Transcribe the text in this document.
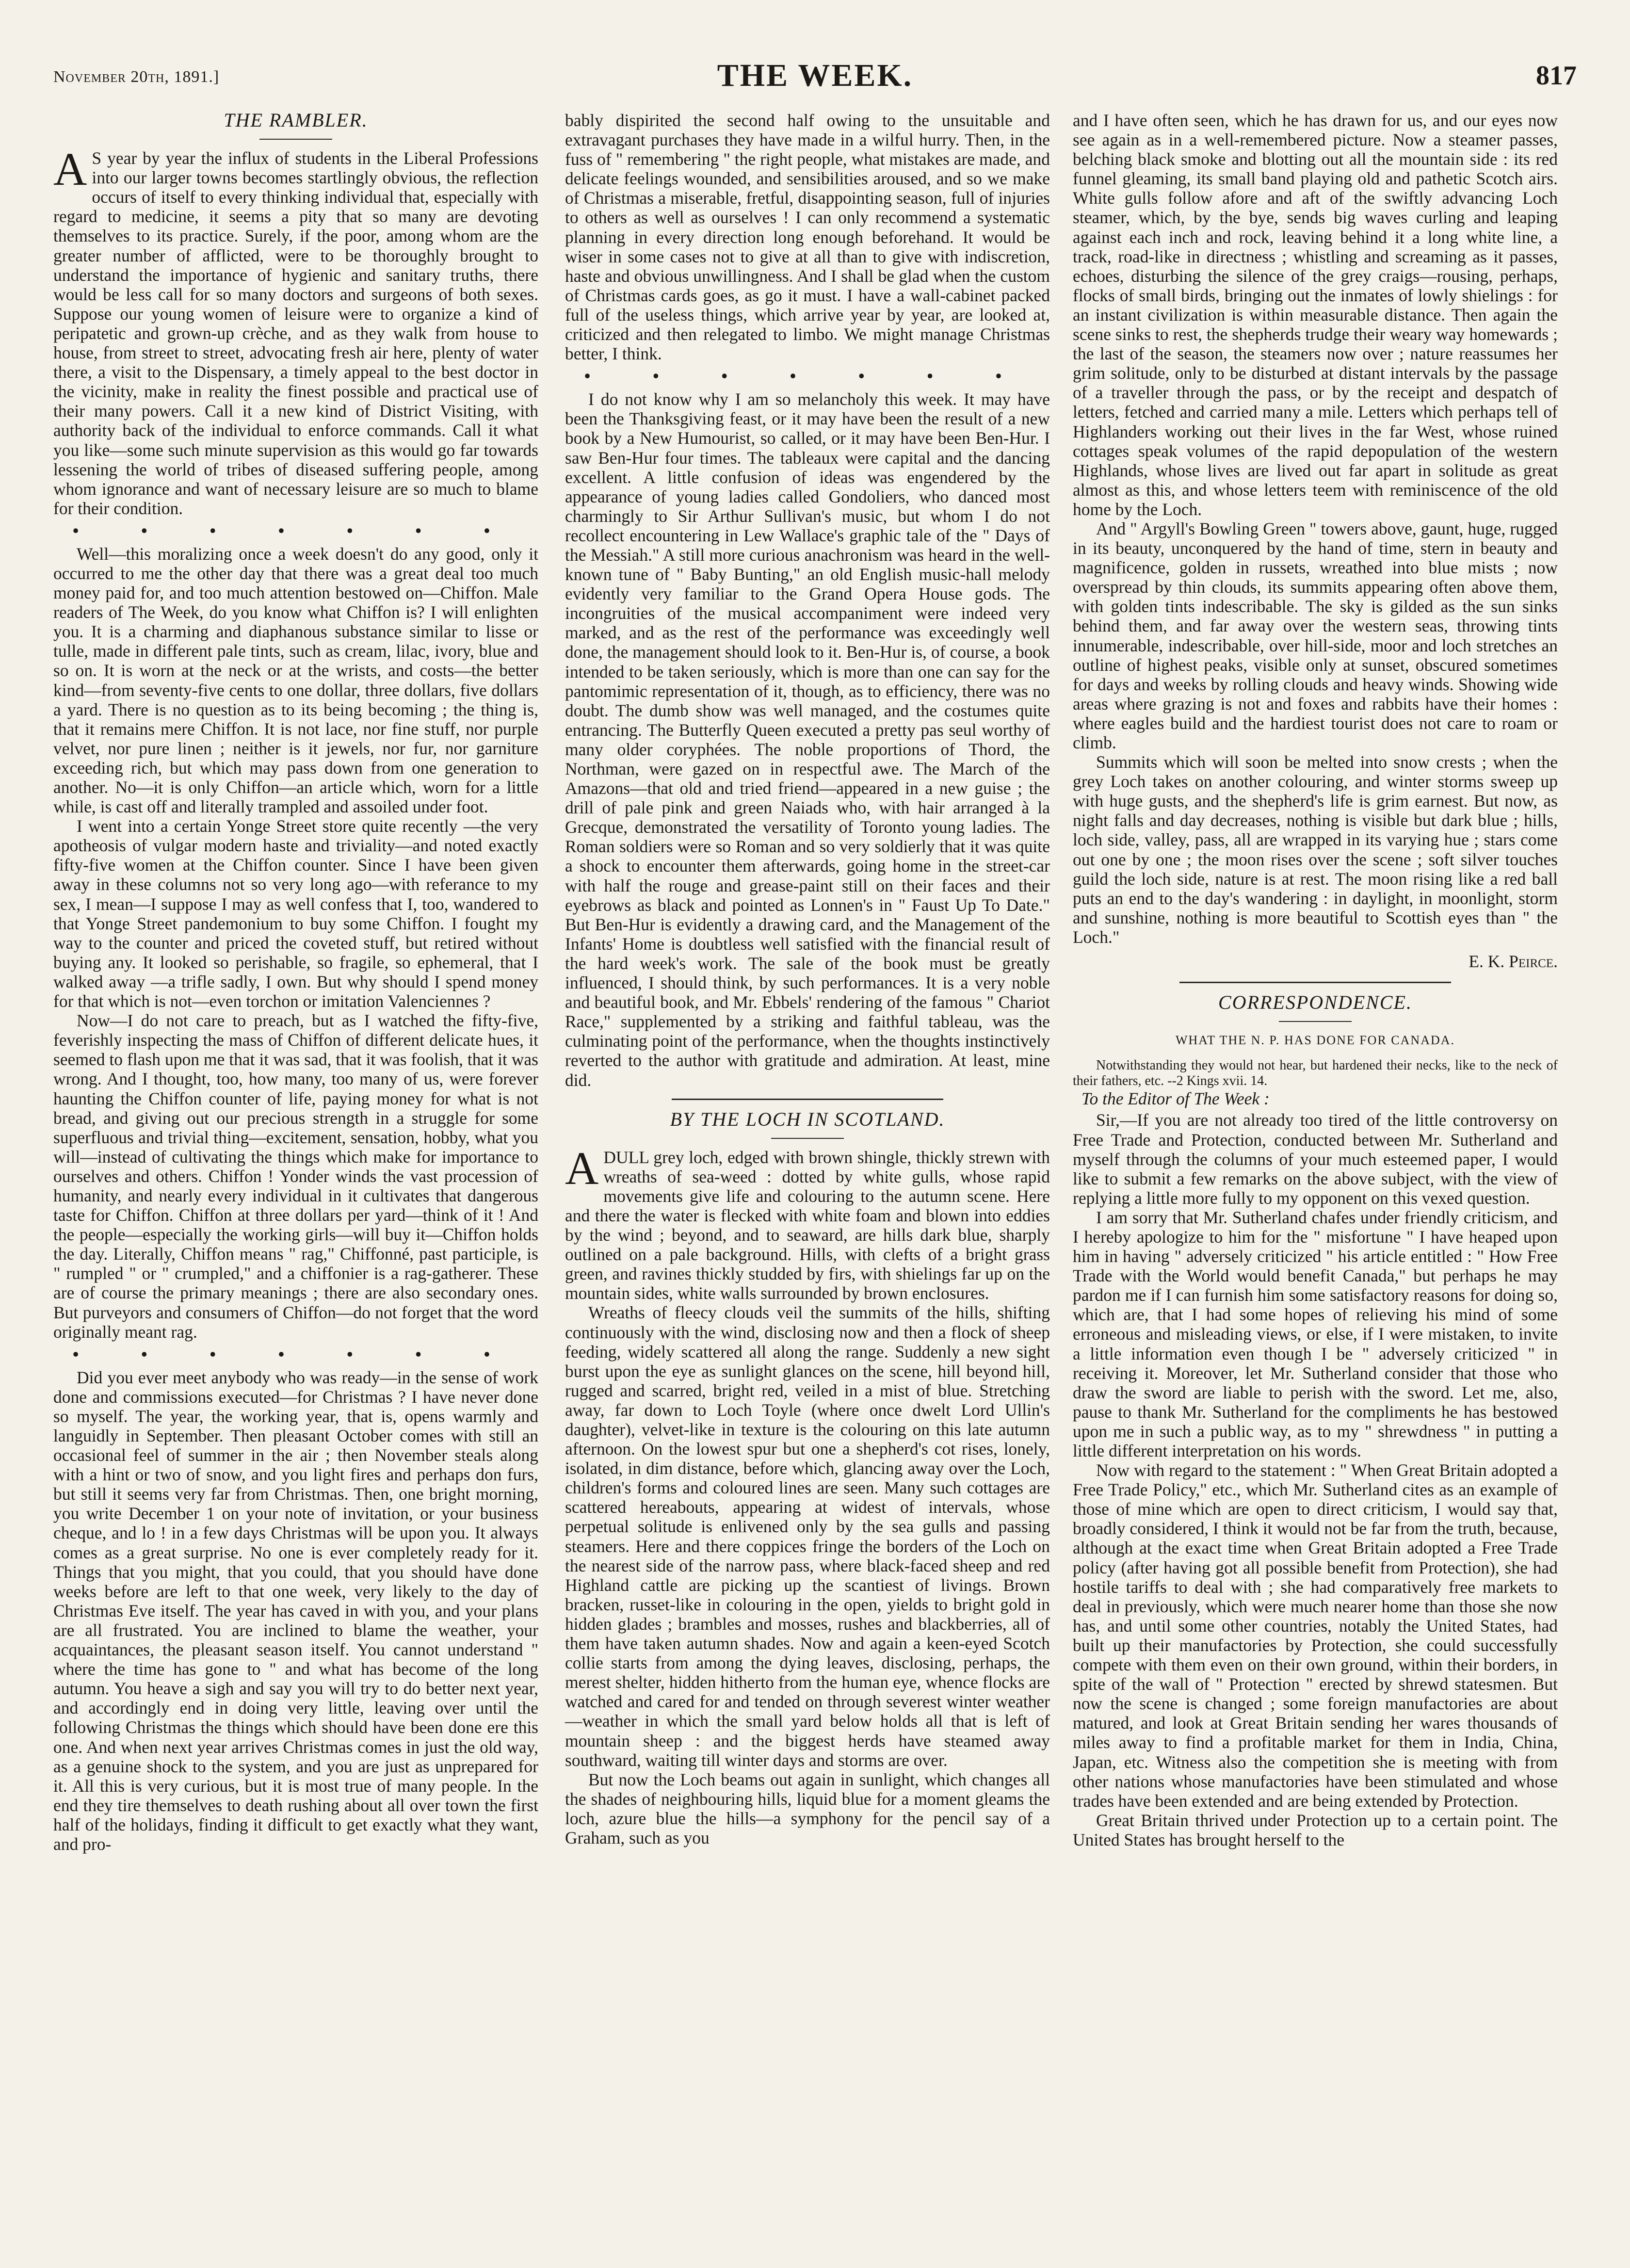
November 20th, 1891.]	THE WEEK.	817
THE RAMBLER.

A S year by year the influx of students in the Liberal Professions into our larger towns becomes startlingly obvious, the reflection occurs of itself to every thinking individual that, especially with regard to medicine, it seems a pity that so many are devoting themselves to its practice. Surely, if the poor, among whom are the greater number of afflicted, were to be thoroughly brought to understand the importance of hygienic and sanitary truths, there would be less call for so many doctors and surgeons of both sexes. Suppose our young women of leisure were to organize a kind of peripatetic and grown-up crèche, and as they walk from house to house, from street to street, advocating fresh air here, plenty of water there, a visit to the Dispensary, a timely appeal to the best doctor in the vicinity, make in reality the finest possible and practical use of their many powers. Call it a new kind of District Visiting, with authority back of the individual to enforce commands. Call it what you like—some such minute supervision as this would go far towards lessening the world of tribes of diseased suffering people, among whom ignorance and want of necessary leisure are so much to blame for their condition.

• • • • • • •

Well—this moralizing once a week doesn't do any good, only it occurred to me the other day that there was a great deal too much money paid for, and too much attention bestowed on—Chiffon. Male readers of The Week, do you know what Chiffon is? I will enlighten you. It is a charming and diaphanous substance similar to lisse or tulle, made in different pale tints, such as cream, lilac, ivory, blue and so on. It is worn at the neck or at the wrists, and costs—the better kind—from seventy-five cents to one dollar, three dollars, five dollars a yard. There is no question as to its being becoming ; the thing is, that it remains mere Chiffon. It is not lace, nor fine stuff, nor purple velvet, nor pure linen ; neither is it jewels, nor fur, nor garniture exceeding rich, but which may pass down from one generation to another. No—it is only Chiffon—an article which, worn for a little while, is cast off and literally trampled and assoiled under foot.

I went into a certain Yonge Street store quite recently —the very apotheosis of vulgar modern haste and triviality—and noted exactly fifty-five women at the Chiffon counter. Since I have been given away in these columns not so very long ago—with referance to my sex, I mean—I suppose I may as well confess that I, too, wandered to that Yonge Street pandemonium to buy some Chiffon. I fought my way to the counter and priced the coveted stuff, but retired without buying any. It looked so perishable, so fragile, so ephemeral, that I walked away —a trifle sadly, I own. But why should I spend money for that which is not—even torchon or imitation Valenciennes ?

Now—I do not care to preach, but as I watched the fifty-five, feverishly inspecting the mass of Chiffon of different delicate hues, it seemed to flash upon me that it was sad, that it was foolish, that it was wrong. And I thought, too, how many, too many of us, were forever haunting the Chiffon counter of life, paying money for what is not bread, and giving out our precious strength in a struggle for some superfluous and trivial thing—excitement, sensation, hobby, what you will—instead of cultivating the things which make for importance to ourselves and others. Chiffon ! Yonder winds the vast procession of humanity, and nearly every individual in it cultivates that dangerous taste for Chiffon. Chiffon at three dollars per yard—think of it ! And the people—especially the working girls—will buy it—Chiffon holds the day. Literally, Chiffon means " rag," Chiffonné, past participle, is " rumpled " or " crumpled," and a chiffonier is a rag-gatherer. These are of course the primary meanings ; there are also secondary ones. But purveyors and consumers of Chiffon—do not forget that the word originally meant rag.

• • • • • • •

Did you ever meet anybody who was ready—in the sense of work done and commissions executed—for Christmas ? I have never done so myself. The year, the working year, that is, opens warmly and languidly in September. Then pleasant October comes with still an occasional feel of summer in the air ; then November steals along with a hint or two of snow, and you light fires and perhaps don furs, but still it seems very far from Christmas. Then, one bright morning, you write December 1 on your note of invitation, or your business cheque, and lo ! in a few days Christmas will be upon you. It always comes as a great surprise. No one is ever completely ready for it. Things that you might, that you could, that you should have done weeks before are left to that one week, very likely to the day of Christmas Eve itself. The year has caved in with you, and your plans are all frustrated. You are inclined to blame the weather, your acquaintances, the pleasant season itself. You cannot understand " where the time has gone to " and what has become of the long autumn. You heave a sigh and say you will try to do better next year, and accordingly end in doing very little, leaving over until the following Christmas the things which should have been done ere this one. And when next year arrives Christmas comes in just the old way, as a genuine shock to the system, and you are just as unprepared for it. All this is very curious, but it is most true of many people. In the end they tire themselves to death rushing about all over town the first half of the holidays, finding it difficult to get exactly what they want, and pro-

bably dispirited the second half owing to the unsuitable and extravagant purchases they have made in a wilful hurry. Then, in the fuss of " remembering " the right people, what mistakes are made, and delicate feelings wounded, and sensibilities aroused, and so we make of Christmas a miserable, fretful, disappointing season, full of injuries to others as well as ourselves ! I can only recommend a systematic planning in every direction long enough beforehand. It would be wiser in some cases not to give at all than to give with indiscretion, haste and obvious unwillingness. And I shall be glad when the custom of Christmas cards goes, as go it must. I have a wall-cabinet packed full of the useless things, which arrive year by year, are looked at, criticized and then relegated to limbo. We might manage Christmas better, I think.

• • • • • • •

I do not know why I am so melancholy this week. It may have been the Thanksgiving feast, or it may have been the result of a new book by a New Humourist, so called, or it may have been Ben-Hur. I saw Ben-Hur four times. The tableaux were capital and the dancing excellent. A little confusion of ideas was engendered by the appearance of young ladies called Gondoliers, who danced most charmingly to Sir Arthur Sullivan's music, but whom I do not recollect encountering in Lew Wallace's graphic tale of the " Days of the Messiah." A still more curious anachronism was heard in the well-known tune of " Baby Bunting," an old English music-hall melody evidently very familiar to the Grand Opera House gods. The incongruities of the musical accompaniment were indeed very marked, and as the rest of the performance was exceedingly well done, the management should look to it. Ben-Hur is, of course, a book intended to be taken seriously, which is more than one can say for the pantomimic representation of it, though, as to efficiency, there was no doubt. The dumb show was well managed, and the costumes quite entrancing. The Butterfly Queen executed a pretty pas seul worthy of many older coryphées. The noble proportions of Thord, the Northman, were gazed on in respectful awe. The March of the Amazons—that old and tried friend—appeared in a new guise ; the drill of pale pink and green Naiads who, with hair arranged à la Grecque, demonstrated the versatility of Toronto young ladies. The Roman soldiers were so Roman and so very soldierly that it was quite a shock to encounter them afterwards, going home in the street-car with half the rouge and grease-paint still on their faces and their eyebrows as black and pointed as Lonnen's in " Faust Up To Date." But Ben-Hur is evidently a drawing card, and the Management of the Infants' Home is doubtless well satisfied with the financial result of the hard week's work. The sale of the book must be greatly influenced, I should think, by such performances. It is a very noble and beautiful book, and Mr. Ebbels' rendering of the famous " Chariot Race," supplemented by a striking and faithful tableau, was the culminating point of the performance, when the thoughts instinctively reverted to the author with gratitude and admiration. At least, mine did.

BY THE LOCH IN SCOTLAND.

ADULL grey loch, edged with brown shingle, thickly strewn with wreaths of sea-weed : dotted by white gulls, whose rapid movements give life and colouring to the autumn scene. Here and there the water is flecked with white foam and blown into eddies by the wind ; beyond, and to seaward, are hills dark blue, sharply outlined on a pale background. Hills, with clefts of a bright grass green, and ravines thickly studded by firs, with shielings far up on the mountain sides, white walls surrounded by brown enclosures.

Wreaths of fleecy clouds veil the summits of the hills, shifting continuously with the wind, disclosing now and then a flock of sheep feeding, widely scattered all along the range. Suddenly a new sight burst upon the eye as sunlight glances on the scene, hill beyond hill, rugged and scarred, bright red, veiled in a mist of blue. Stretching away, far down to Loch Toyle (where once dwelt Lord Ullin's daughter), velvet-like in texture is the colouring on this late autumn afternoon. On the lowest spur but one a shepherd's cot rises, lonely, isolated, in dim distance, before which, glancing away over the Loch, children's forms and coloured lines are seen. Many such cottages are scattered hereabouts, appearing at widest of intervals, whose perpetual solitude is enlivened only by the sea gulls and passing steamers. Here and there coppices fringe the borders of the Loch on the nearest side of the narrow pass, where black-faced sheep and red Highland cattle are picking up the scantiest of livings. Brown bracken, russet-like in colouring in the open, yields to bright gold in hidden glades ; brambles and mosses, rushes and blackberries, all of them have taken autumn shades. Now and again a keen-eyed Scotch collie starts from among the dying leaves, disclosing, perhaps, the merest shelter, hidden hitherto from the human eye, whence flocks are watched and cared for and tended on through severest winter weather—weather in which the small yard below holds all that is left of mountain sheep : and the biggest herds have steamed away southward, waiting till winter days and storms are over.

But now the Loch beams out again in sunlight, which changes all the shades of neighbouring hills, liquid blue for a moment gleams the loch, azure blue the hills—a symphony for the pencil say of a Graham, such as you

and I have often seen, which he has drawn for us, and our eyes now see again as in a well-remembered picture. Now a steamer passes, belching black smoke and blotting out all the mountain side : its red funnel gleaming, its small band playing old and pathetic Scotch airs. White gulls follow afore and aft of the swiftly advancing Loch steamer, which, by the bye, sends big waves curling and leaping against each inch and rock, leaving behind it a long white line, a track, road-like in directness ; whistling and screaming as it passes, echoes, disturbing the silence of the grey craigs—rousing, perhaps, flocks of small birds, bringing out the inmates of lowly shielings : for an instant civilization is within measurable distance. Then again the scene sinks to rest, the shepherds trudge their weary way homewards ; the last of the season, the steamers now over ; nature reassumes her grim solitude, only to be disturbed at distant intervals by the passage of a traveller through the pass, or by the receipt and despatch of letters, fetched and carried many a mile. Letters which perhaps tell of Highlanders working out their lives in the far West, whose ruined cottages speak volumes of the rapid depopulation of the western Highlands, whose lives are lived out far apart in solitude as great almost as this, and whose letters teem with reminiscence of the old home by the Loch.

And " Argyll's Bowling Green " towers above, gaunt, huge, rugged in its beauty, unconquered by the hand of time, stern in beauty and magnificence, golden in russets, wreathed into blue mists ; now overspread by thin clouds, its summits appearing often above them, with golden tints indescribable. The sky is gilded as the sun sinks behind them, and far away over the western seas, throwing tints innumerable, indescribable, over hill-side, moor and loch stretches an outline of highest peaks, visible only at sunset, obscured sometimes for days and weeks by rolling clouds and heavy winds. Showing wide areas where grazing is not and foxes and rabbits have their homes : where eagles build and the hardiest tourist does not care to roam or climb.

Summits which will soon be melted into snow crests ; when the grey Loch takes on another colouring, and winter storms sweep up with huge gusts, and the shepherd's life is grim earnest. But now, as night falls and day decreases, nothing is visible but dark blue ; hills, loch side, valley, pass, all are wrapped in its varying hue ; stars come out one by one ; the moon rises over the scene ; soft silver touches guild the loch side, nature is at rest. The moon rising like a red ball puts an end to the day's wandering : in daylight, in moonlight, storm and sunshine, nothing is more beautiful to Scottish eyes than " the Loch."

E. K. Peirce.
CORRESPONDENCE.
WHAT THE N. P. HAS DONE FOR CANADA.

Notwithstanding they would not hear, but hardened their necks, like to the neck of their fathers, etc. --2 Kings xvii. 14.

To the Editor of The Week :

Sir,—If you are not already too tired of the little controversy on Free Trade and Protection, conducted between Mr. Sutherland and myself through the columns of your much esteemed paper, I would like to submit a few remarks on the above subject, with the view of replying a little more fully to my opponent on this vexed question.

I am sorry that Mr. Sutherland chafes under friendly criticism, and I hereby apologize to him for the " misfortune " I have heaped upon him in having " adversely criticized " his article entitled : " How Free Trade with the World would benefit Canada," but perhaps he may pardon me if I can furnish him some satisfactory reasons for doing so, which are, that I had some hopes of relieving his mind of some erroneous and misleading views, or else, if I were mistaken, to invite a little information even though I be " adversely criticized " in receiving it. Moreover, let Mr. Sutherland consider that those who draw the sword are liable to perish with the sword. Let me, also, pause to thank Mr. Sutherland for the compliments he has bestowed upon me in such a public way, as to my " shrewdness " in putting a little different interpretation on his words.

Now with regard to the statement : " When Great Britain adopted a Free Trade Policy," etc., which Mr. Sutherland cites as an example of those of mine which are open to direct criticism, I would say that, broadly considered, I think it would not be far from the truth, because, although at the exact time when Great Britain adopted a Free Trade policy (after having got all possible benefit from Protection), she had hostile tariffs to deal with ; she had comparatively free markets to deal in previously, which were much nearer home than those she now has, and until some other countries, notably the United States, had built up their manufactories by Protection, she could successfully compete with them even on their own ground, within their borders, in spite of the wall of " Protection " erected by shrewd statesmen. But now the scene is changed ; some foreign manufactories are about matured, and look at Great Britain sending her wares thousands of miles away to find a profitable market for them in India, China, Japan, etc. Witness also the competition she is meeting with from other nations whose manufactories have been stimulated and whose trades have been extended and are being extended by Protection.

Great Britain thrived under Protection up to a certain point. The United States has brought herself to the
